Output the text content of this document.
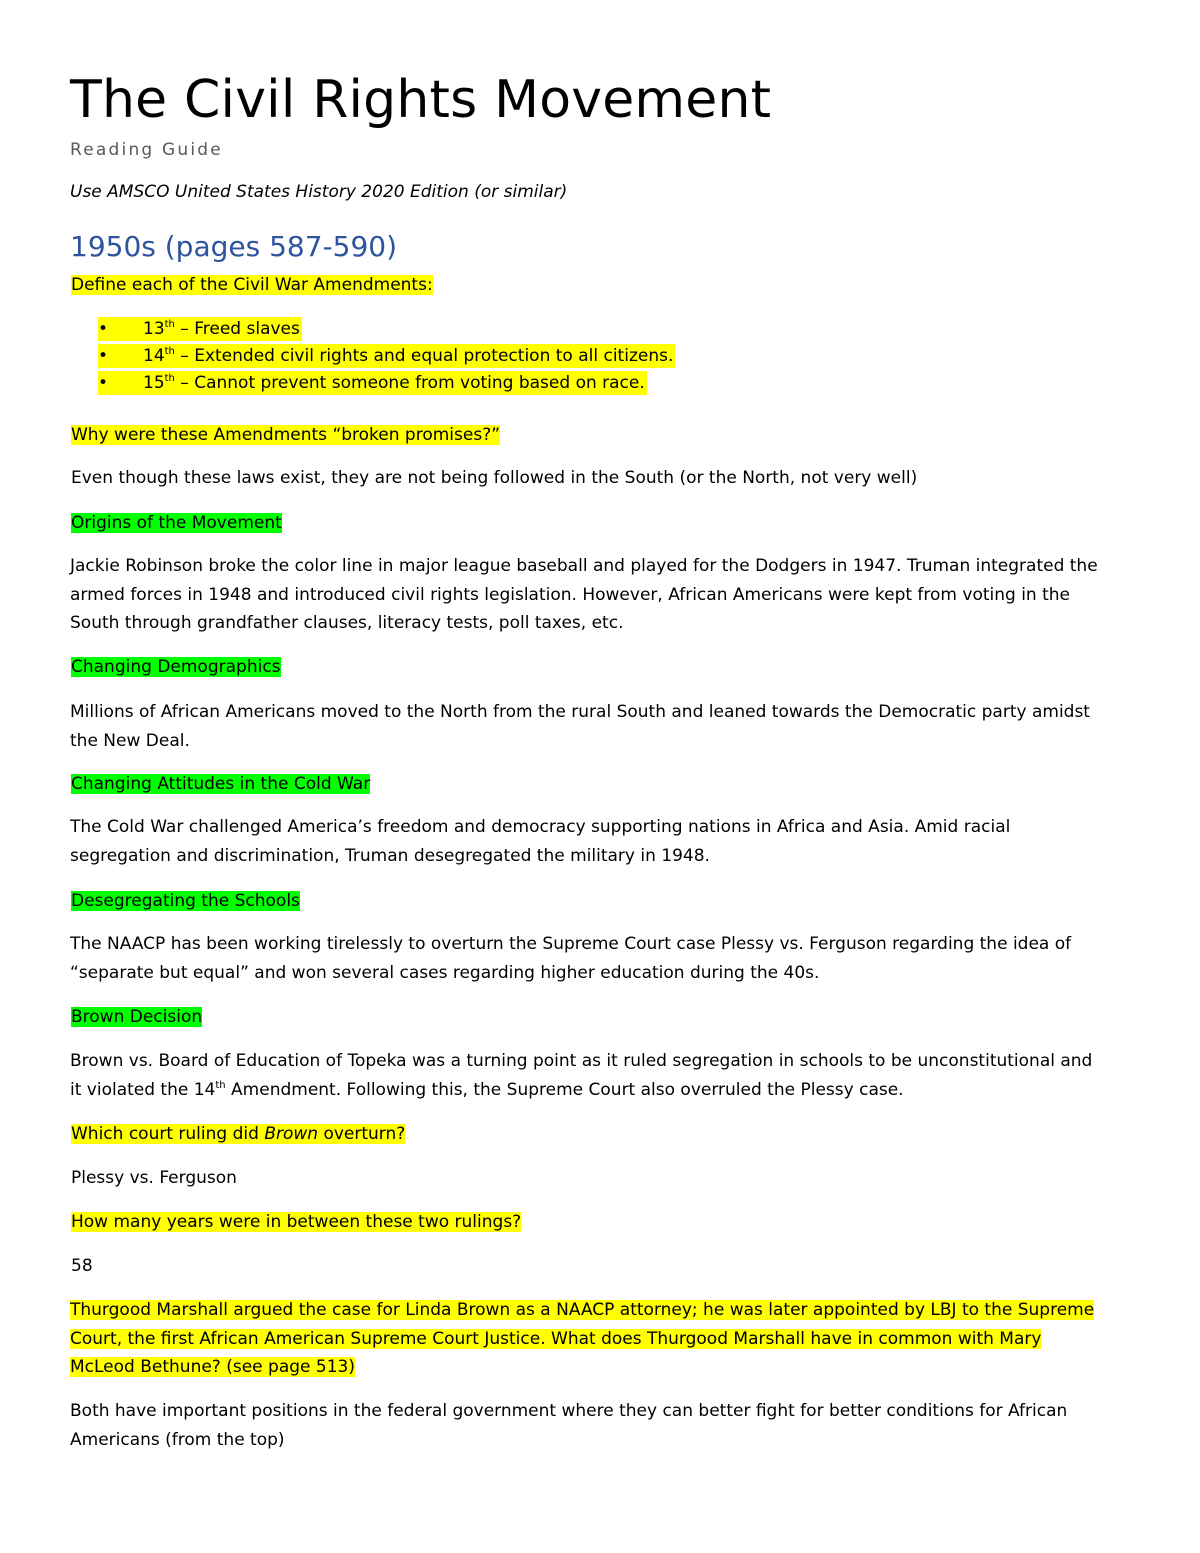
The Civil Rights Movement
Reading Guide
Use AMSCO United States History 2020 Edition (or similar)
1950s (pages 587-590)
Define each of the Civil War Amendments:
• 13th – Freed slaves
• 14th – Extended civil rights and equal protection to all citizens.
• 15th – Cannot prevent someone from voting based on race.
Why were these Amendments “broken promises?”
Even though these laws exist, they are not being followed in the South (or the North, not very well)
Origins of the Movement
Jackie Robinson broke the color line in major league baseball and played for the Dodgers in 1947. Truman integrated the
armed forces in 1948 and introduced civil rights legislation. However, African Americans were kept from voting in the
South through grandfather clauses, literacy tests, poll taxes, etc.
Changing Demographics
Millions of African Americans moved to the North from the rural South and leaned towards the Democratic party amidst
the New Deal.
Changing Attitudes in the Cold War
The Cold War challenged America’s freedom and democracy supporting nations in Africa and Asia. Amid racial
segregation and discrimination, Truman desegregated the military in 1948.
Desegregating the Schools
The NAACP has been working tirelessly to overturn the Supreme Court case Plessy vs. Ferguson regarding the idea of
“separate but equal” and won several cases regarding higher education during the 40s.
Brown Decision
Brown vs. Board of Education of Topeka was a turning point as it ruled segregation in schools to be unconstitutional and
it violated the 14th Amendment. Following this, the Supreme Court also overruled the Plessy case.
Which court ruling did Brown overturn?
Plessy vs. Ferguson
How many years were in between these two rulings?
58
Thurgood Marshall argued the case for Linda Brown as a NAACP attorney; he was later appointed by LBJ to the Supreme
Court, the first African American Supreme Court Justice. What does Thurgood Marshall have in common with Mary
McLeod Bethune? (see page 513)
Both have important positions in the federal government where they can better fight for better conditions for African
Americans (from the top)
